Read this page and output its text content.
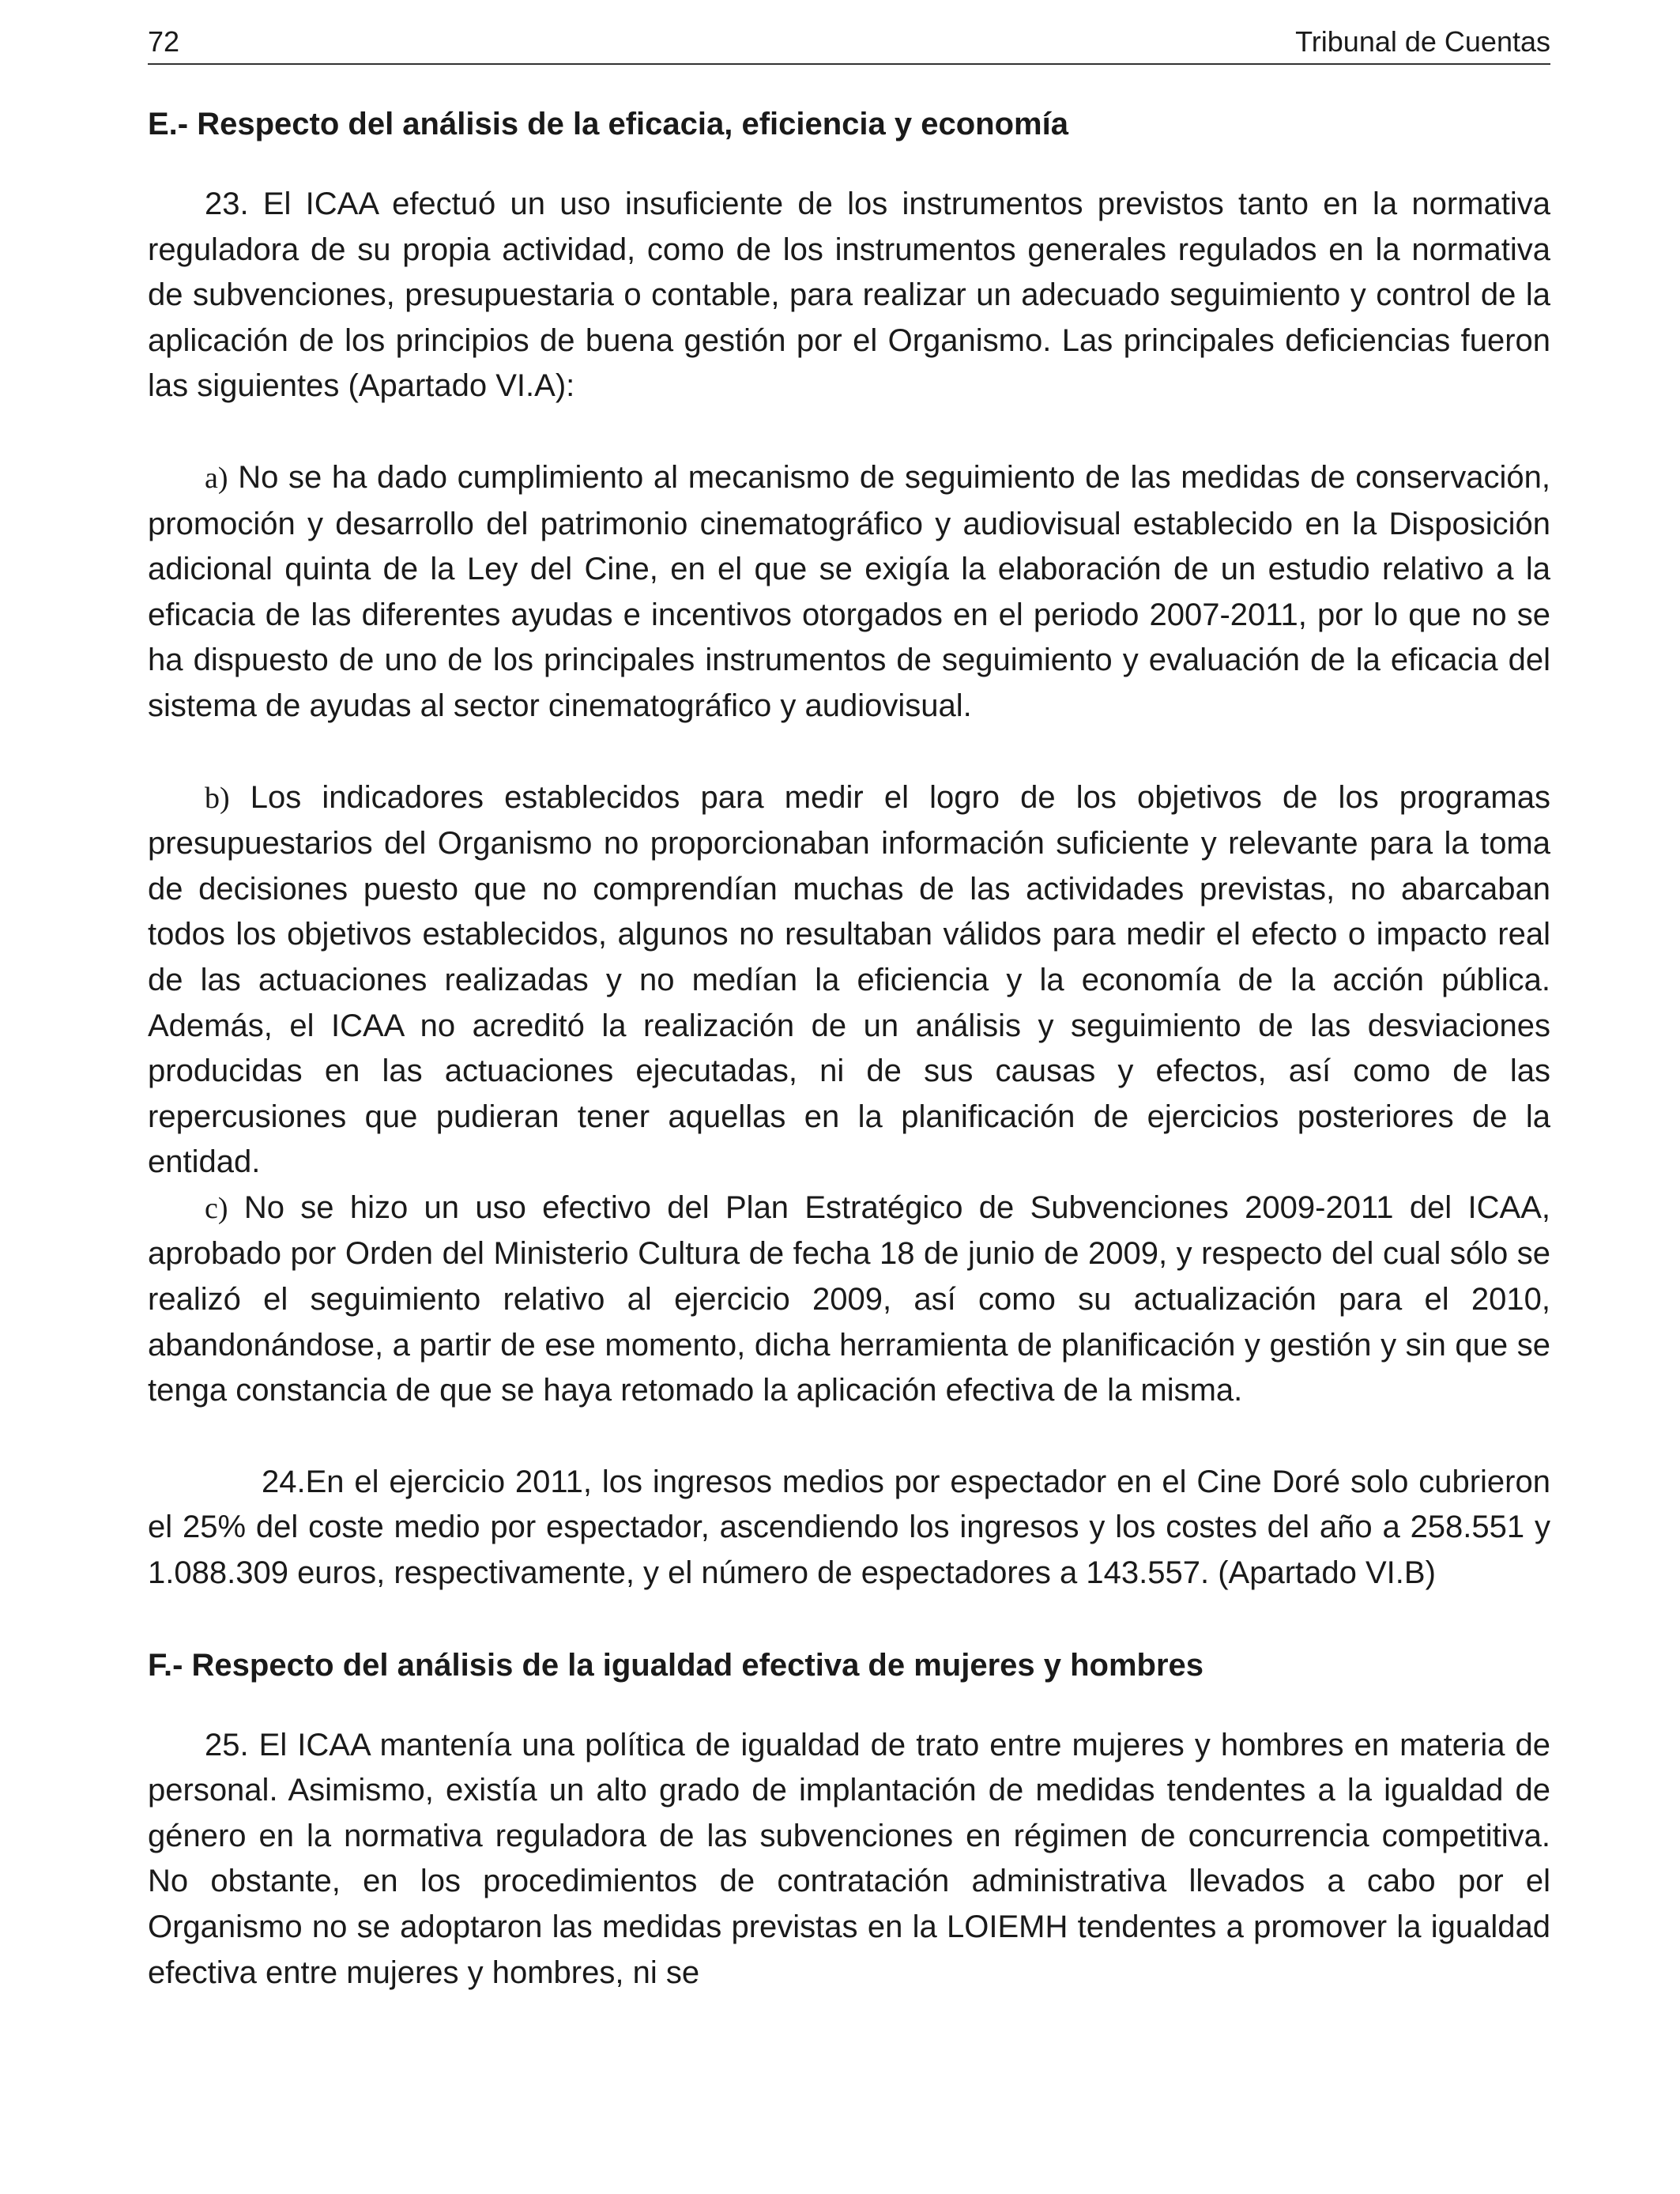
72	Tribunal de Cuentas
E.- Respecto del análisis de la eficacia, eficiencia y economía

23. El ICAA efectuó un uso insuficiente de los instrumentos previstos tanto en la normativa reguladora de su propia actividad, como de los instrumentos generales regulados en la normativa de subvenciones, presupuestaria o contable, para realizar un adecuado seguimiento y control de la aplicación de los principios de buena gestión por el Organismo. Las principales deficiencias fueron las siguientes (Apartado VI.A):

a) No se ha dado cumplimiento al mecanismo de seguimiento de las medidas de conservación, promoción y desarrollo del patrimonio cinematográfico y audiovisual establecido en la Disposición adicional quinta de la Ley del Cine, en el que se exigía la elaboración de un estudio relativo a la eficacia de las diferentes ayudas e incentivos otorgados en el periodo 2007-2011, por lo que no se ha dispuesto de uno de los principales instrumentos de seguimiento y evaluación de la eficacia del sistema de ayudas al sector cinematográfico y audiovisual.

b) Los indicadores establecidos para medir el logro de los objetivos de los programas presupuestarios del Organismo no proporcionaban información suficiente y relevante para la toma de decisiones puesto que no comprendían muchas de las actividades previstas, no abarcaban todos los objetivos establecidos, algunos no resultaban válidos para medir el efecto o impacto real de las actuaciones realizadas y no medían la eficiencia y la economía de la acción pública. Además, el ICAA no acreditó la realización de un análisis y seguimiento de las desviaciones producidas en las actuaciones ejecutadas, ni de sus causas y efectos, así como de las repercusiones que pudieran tener aquellas en la planificación de ejercicios posteriores de la entidad.

c) No se hizo un uso efectivo del Plan Estratégico de Subvenciones 2009-2011 del ICAA, aprobado por Orden del Ministerio Cultura de fecha 18 de junio de 2009, y respecto del cual sólo se realizó el seguimiento relativo al ejercicio 2009, así como su actualización para el 2010, abandonándose, a partir de ese momento, dicha herramienta de planificación y gestión y sin que se tenga constancia de que se haya retomado la aplicación efectiva de la misma.

24.En el ejercicio 2011, los ingresos medios por espectador en el Cine Doré solo cubrieron el 25% del coste medio por espectador, ascendiendo los ingresos y los costes del año a 258.551 y 1.088.309 euros, respectivamente, y el número de espectadores a 143.557. (Apartado VI.B)

F.- Respecto del análisis de la igualdad efectiva de mujeres y hombres

25. El ICAA mantenía una política de igualdad de trato entre mujeres y hombres en materia de personal. Asimismo, existía un alto grado de implantación de medidas tendentes a la igualdad de género en la normativa reguladora de las subvenciones en régimen de concurrencia competitiva. No obstante, en los procedimientos de contratación administrativa llevados a cabo por el Organismo no se adoptaron las medidas previstas en la LOIEMH tendentes a promover la igualdad efectiva entre mujeres y hombres, ni se
